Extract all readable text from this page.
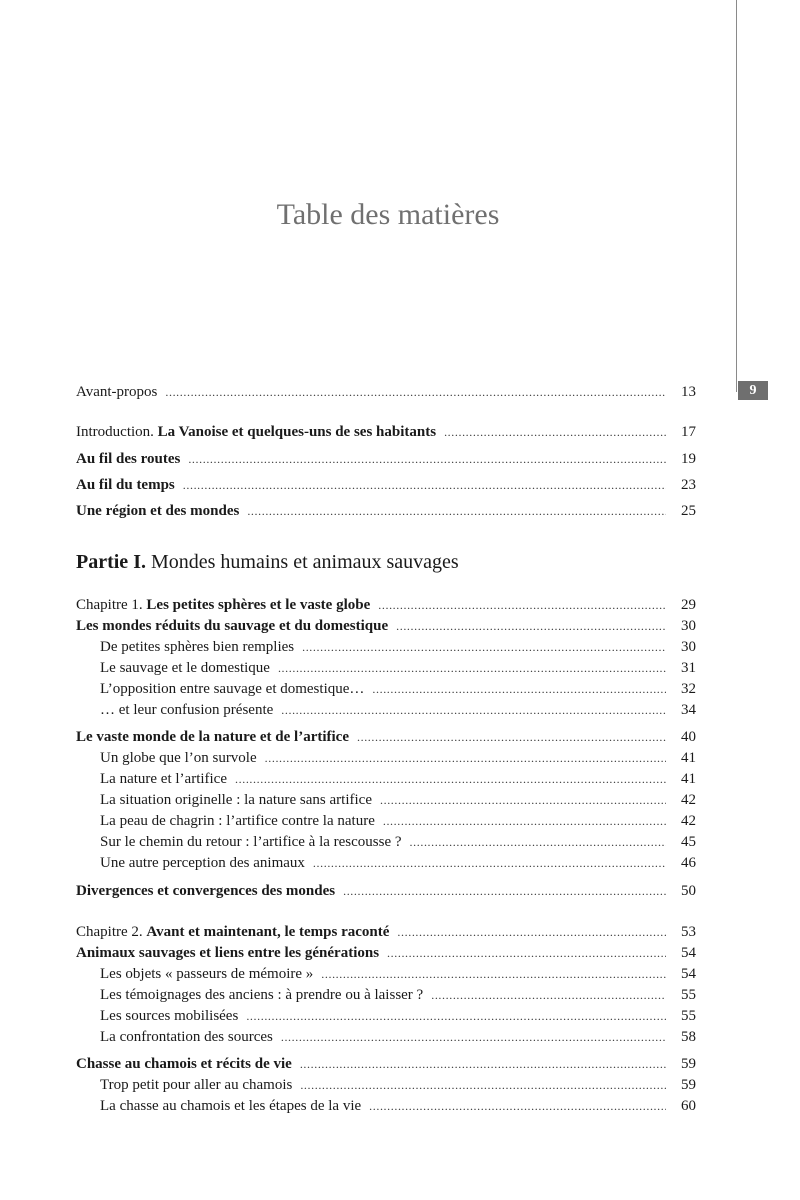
9
Table des matières
Avant-propos . . .	13
Introduction. La Vanoise et quelques-uns de ses habitants . . .	17
Au fil des routes . . .	19
Au fil du temps . . .	23
Une région et des mondes . . .	25
Partie I. Mondes humains et animaux sauvages
Chapitre 1. Les petites sphères et le vaste globe . . .	29
Les mondes réduits du sauvage et du domestique . . .	30
De petites sphères bien remplies . . .	30
Le sauvage et le domestique . . .	31
L’opposition entre sauvage et domestique… . . .	32
… et leur confusion présente . . .	34
Le vaste monde de la nature et de l’artifice . . .	40
Un globe que l’on survole . . .	41
La nature et l’artifice . . .	41
La situation originelle : la nature sans artifice . . .	42
La peau de chagrin : l’artifice contre la nature . . .	42
Sur le chemin du retour : l’artifice à la rescousse ? . . .	45
Une autre perception des animaux . . .	46
Divergences et convergences des mondes . . .	50
Chapitre 2. Avant et maintenant, le temps raconté . . .	53
Animaux sauvages et liens entre les générations . . .	54
Les objets « passeurs de mémoire » . . .	54
Les témoignages des anciens : à prendre ou à laisser ? . . .	55
Les sources mobilisées . . .	55
La confrontation des sources . . .	58
Chasse au chamois et récits de vie . . .	59
Trop petit pour aller au chamois . . .	59
La chasse au chamois et les étapes de la vie . . .	60
